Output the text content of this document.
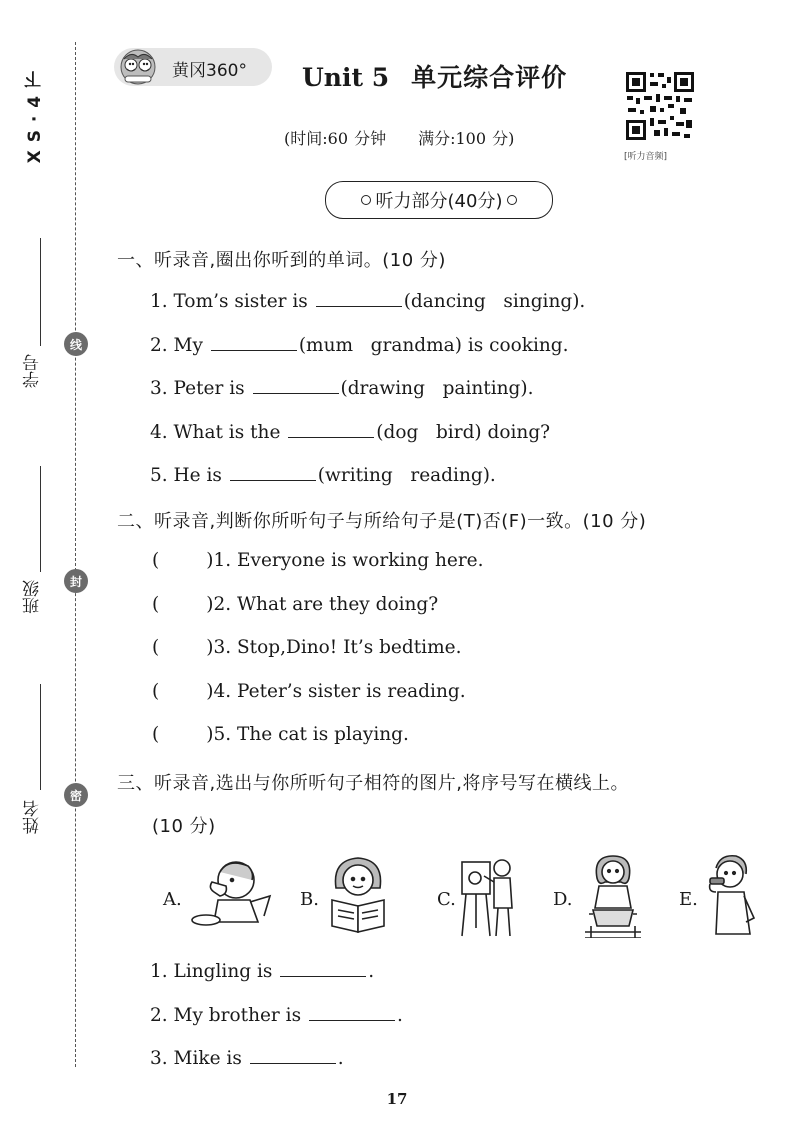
X S · 4 下
学号
线
班级	封
姓名
密
黄冈360° Unit 5 单元综合评价
(时间:60 分钟　　满分:100 分)
[听力音频]
听力部分(40分)
一、听录音,圈出你听到的单词。(10 分)
1. Tom’s sister is	(dancing   singing).
2. My	(mum   grandma) is cooking.
3. Peter is	(drawing   painting).
4. What is the	(dog   bird) doing?
5. He is	(writing   reading).
二、听录音,判断你所听句子与所给句子是(T)否(F)一致。(10 分)
(        )1. Everyone is working here.
(        )2. What are they doing?
(        )3. Stop,Dino! It’s bedtime.
(        )4. Peter’s sister is reading.
(        )5. The cat is playing.
三、听录音,选出与你所听句子相符的图片,将序号写在横线上。
(10 分)
A.	B.	C.	D.	E.
1. Lingling is	.
2. My brother is	.
3. Mike is	.
17
